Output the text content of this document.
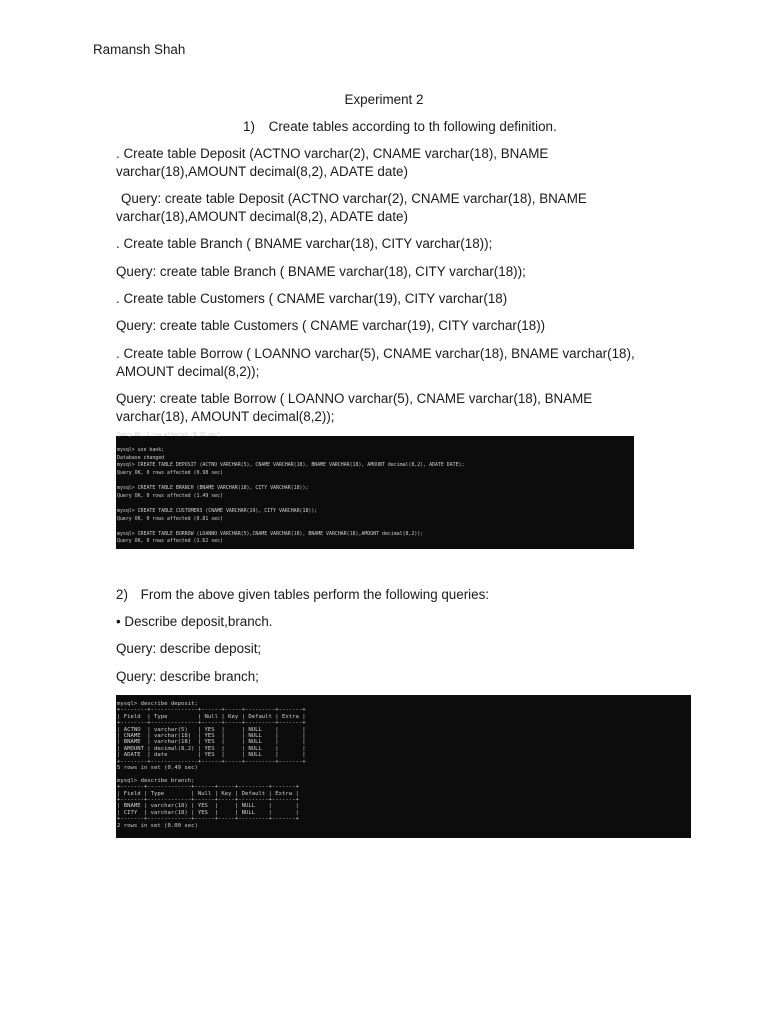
Ramansh Shah
Experiment 2
1) Create tables according to th following definition.
. Create table Deposit (ACTNO varchar(2), CNAME varchar(18), BNAME varchar(18),AMOUNT decimal(8,2), ADATE date)
Query: create table Deposit (ACTNO varchar(2), CNAME varchar(18), BNAME varchar(18),AMOUNT decimal(8,2), ADATE date)
. Create table Branch ( BNAME varchar(18), CITY varchar(18));
Query: create table Branch ( BNAME varchar(18), CITY varchar(18));
. Create table Customers ( CNAME varchar(19), CITY varchar(18)
Query: create table Customers ( CNAME varchar(19), CITY varchar(18))
. Create table Borrow ( LOANNO varchar(5), CNAME varchar(18), BNAME varchar(18), AMOUNT decimal(8,2));
Query: create table Borrow ( LOANNO varchar(5), CNAME varchar(18), BNAME varchar(18), AMOUNT decimal(8,2));
Query OK, 1 row affected (0.15 sec)
mysql> use bank;
Database changed
mysql> CREATE TABLE DEPOSIT (ACTNO VARCHAR(5), CNAME VARCHAR(18), BNAME VARCHAR(18), AMOUNT decimal(8,2), ADATE DATE);
Query OK, 0 rows affected (0.98 sec)
mysql> CREATE TABLE BRANCH (BNAME VARCHAR(18), CITY VARCHAR(18));
Query OK, 0 rows affected (1.49 sec)
mysql> CREATE TABLE CUSTOMERS (CNAME VARCHAR(19), CITY VARCHAR(18));
Query OK, 0 rows affected (0.81 sec)
mysql> CREATE TABLE BORROW (LOANNO VARCHAR(5),CNAME VARCHAR(18), BNAME VARCHAR(18),AMOUNT decimal(8,2));
Query OK, 0 rows affected (1.62 sec)
2) From the above given tables perform the following queries:
• Describe deposit,branch.
Query: describe deposit;
Query: describe branch;
mysql> describe deposit;
+--------+--------------+------+-----+---------+-------+
| Field  | Type         | Null | Key | Default | Extra |
+--------+--------------+------+-----+---------+-------+
| ACTNO  | varchar(5)   | YES  |     | NULL    |       |
| CNAME  | varchar(18)  | YES  |     | NULL    |       |
| BNAME  | varchar(18)  | YES  |     | NULL    |       |
| AMOUNT | decimal(8,2) | YES  |     | NULL    |       |
| ADATE  | date         | YES  |     | NULL    |       |
+--------+--------------+------+-----+---------+-------+
5 rows in set (0.49 sec)
mysql> describe branch;
+-------+-------------+------+-----+---------+-------+
| Field | Type        | Null | Key | Default | Extra |
+-------+-------------+------+-----+---------+-------+
| BNAME | varchar(18) | YES  |     | NULL    |       |
| CITY  | varchar(18) | YES  |     | NULL    |       |
+-------+-------------+------+-----+---------+-------+
2 rows in set (0.00 sec)
